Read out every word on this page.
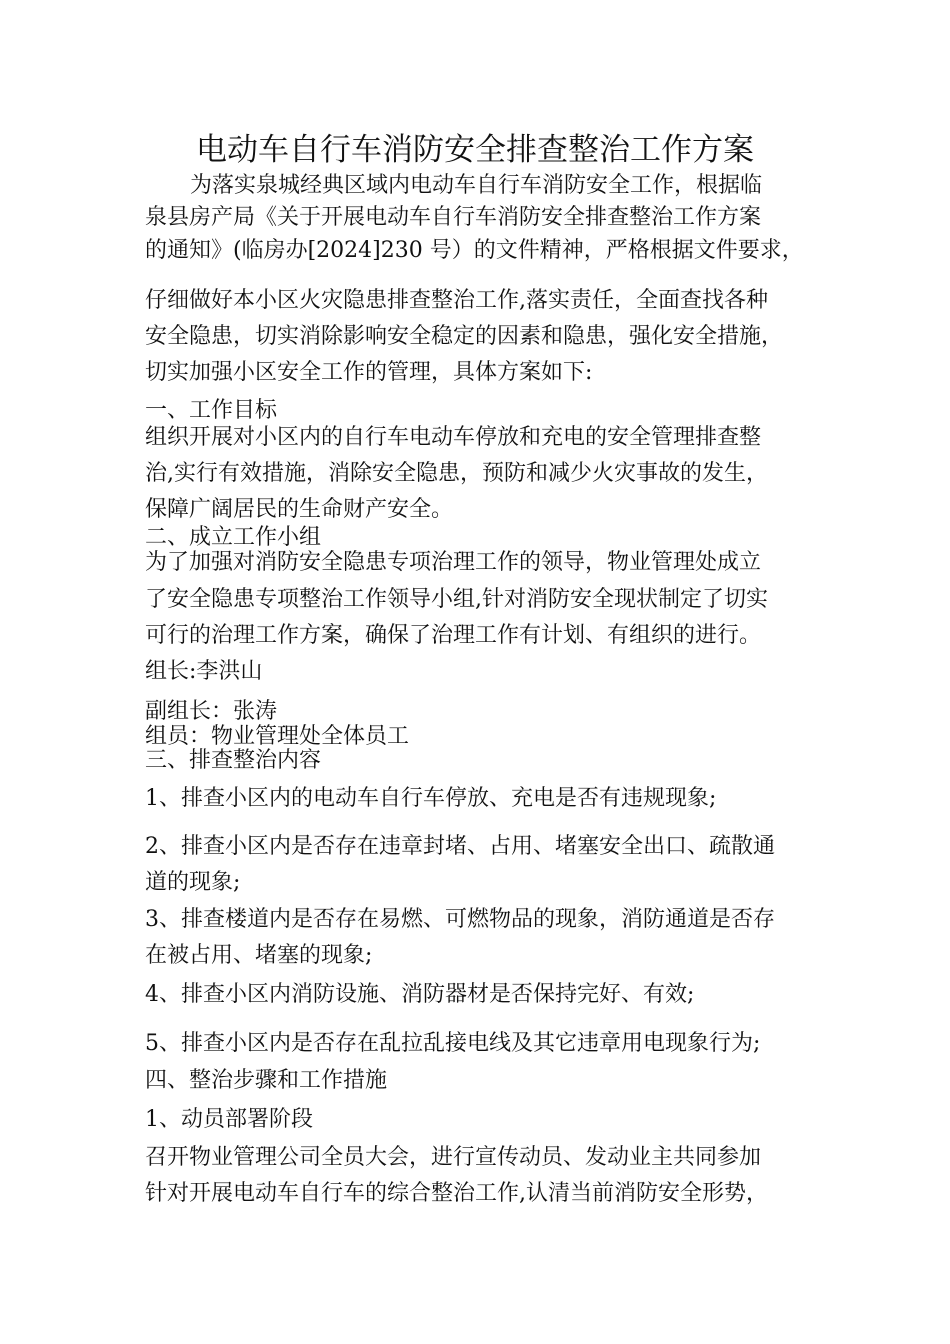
电动车自行车消防安全排查整治工作方案
为落实泉城经典区域内电动车自行车消防安全工作，根据临
泉县房产局《关于开展电动车自行车消防安全排查整治工作方案
的通知》(临房办[2024]230 号）的文件精神，严格根据文件要求，
仔细做好本小区火灾隐患排查整治工作,落实责任，全面查找各种
安全隐患，切实消除影响安全稳定的因素和隐患，强化安全措施，
切实加强小区安全工作的管理，具体方案如下:
一、工作目标
组织开展对小区内的自行车电动车停放和充电的安全管理排查整
治,实行有效措施，消除安全隐患，预防和减少火灾事故的发生，
保障广阔居民的生命财产安全。
二、成立工作小组
为了加强对消防安全隐患专项治理工作的领导，物业管理处成立
了安全隐患专项整治工作领导小组,针对消防安全现状制定了切实
可行的治理工作方案，确保了治理工作有计划、有组织的进行。
组长:李洪山
副组长：张涛
组员：物业管理处全体员工
三、排查整治内容
1、排查小区内的电动车自行车停放、充电是否有违规现象;
2、排查小区内是否存在违章封堵、占用、堵塞安全出口、疏散通
道的现象;
3、排查楼道内是否存在易燃、可燃物品的现象，消防通道是否存
在被占用、堵塞的现象;
4、排查小区内消防设施、消防器材是否保持完好、有效;
5、排查小区内是否存在乱拉乱接电线及其它违章用电现象行为;
四、整治步骤和工作措施
1、动员部署阶段
召开物业管理公司全员大会，进行宣传动员、发动业主共同参加
针对开展电动车自行车的综合整治工作,认清当前消防安全形势，
